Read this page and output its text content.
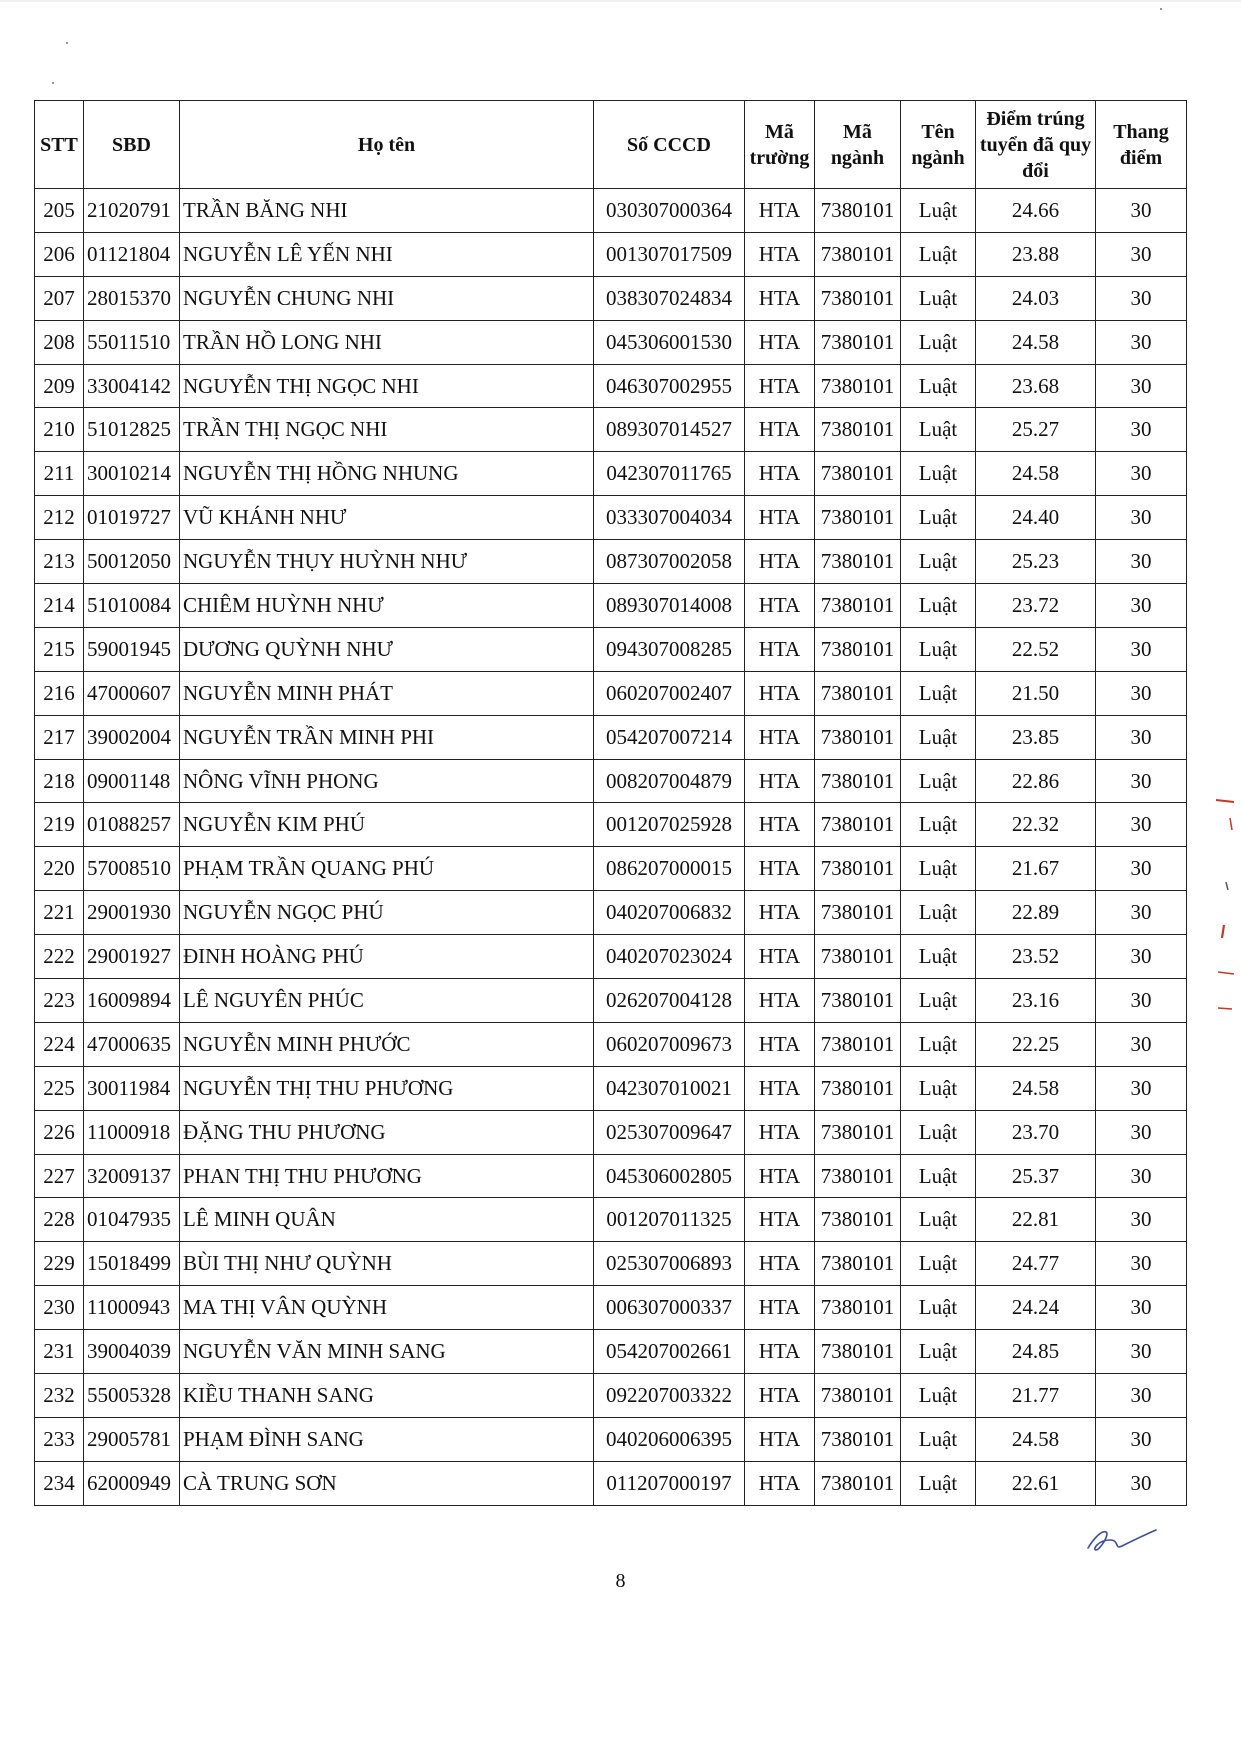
STT	SBD	Họ tên	Số CCCD	Mã trường	Mã ngành	Tên ngành	Điểm trúng tuyển đã quy đổi	Thang điểm
205	21020791	TRẦN BĂNG NHI	030307000364	HTA	7380101	Luật	24.66	30
206	01121804	NGUYỄN LÊ YẾN NHI	001307017509	HTA	7380101	Luật	23.88	30
207	28015370	NGUYỄN CHUNG NHI	038307024834	HTA	7380101	Luật	24.03	30
208	55011510	TRẦN HỒ LONG NHI	045306001530	HTA	7380101	Luật	24.58	30
209	33004142	NGUYỄN THỊ NGỌC NHI	046307002955	HTA	7380101	Luật	23.68	30
210	51012825	TRẦN THỊ NGỌC NHI	089307014527	HTA	7380101	Luật	25.27	30
211	30010214	NGUYỄN THỊ HỒNG NHUNG	042307011765	HTA	7380101	Luật	24.58	30
212	01019727	VŨ KHÁNH NHƯ	033307004034	HTA	7380101	Luật	24.40	30
213	50012050	NGUYỄN THỤY HUỲNH NHƯ	087307002058	HTA	7380101	Luật	25.23	30
214	51010084	CHIÊM HUỲNH NHƯ	089307014008	HTA	7380101	Luật	23.72	30
215	59001945	DƯƠNG QUỲNH NHƯ	094307008285	HTA	7380101	Luật	22.52	30
216	47000607	NGUYỄN MINH PHÁT	060207002407	HTA	7380101	Luật	21.50	30
217	39002004	NGUYỄN TRẦN MINH PHI	054207007214	HTA	7380101	Luật	23.85	30
218	09001148	NÔNG VĨNH PHONG	008207004879	HTA	7380101	Luật	22.86	30
219	01088257	NGUYỄN KIM PHÚ	001207025928	HTA	7380101	Luật	22.32	30
220	57008510	PHẠM TRẦN QUANG PHÚ	086207000015	HTA	7380101	Luật	21.67	30
221	29001930	NGUYỄN NGỌC PHÚ	040207006832	HTA	7380101	Luật	22.89	30
222	29001927	ĐINH HOÀNG PHÚ	040207023024	HTA	7380101	Luật	23.52	30
223	16009894	LÊ NGUYÊN PHÚC	026207004128	HTA	7380101	Luật	23.16	30
224	47000635	NGUYỄN MINH PHƯỚC	060207009673	HTA	7380101	Luật	22.25	30
225	30011984	NGUYỄN THỊ THU PHƯƠNG	042307010021	HTA	7380101	Luật	24.58	30
226	11000918	ĐẶNG THU PHƯƠNG	025307009647	HTA	7380101	Luật	23.70	30
227	32009137	PHAN THỊ THU PHƯƠNG	045306002805	HTA	7380101	Luật	25.37	30
228	01047935	LÊ MINH QUÂN	001207011325	HTA	7380101	Luật	22.81	30
229	15018499	BÙI THỊ NHƯ QUỲNH	025307006893	HTA	7380101	Luật	24.77	30
230	11000943	MA THỊ VÂN QUỲNH	006307000337	HTA	7380101	Luật	24.24	30
231	39004039	NGUYỄN VĂN MINH SANG	054207002661	HTA	7380101	Luật	24.85	30
232	55005328	KIỀU THANH SANG	092207003322	HTA	7380101	Luật	21.77	30
233	29005781	PHẠM ĐÌNH SANG	040206006395	HTA	7380101	Luật	24.58	30
234	62000949	CÀ TRUNG SƠN	011207000197	HTA	7380101	Luật	22.61	30
8
